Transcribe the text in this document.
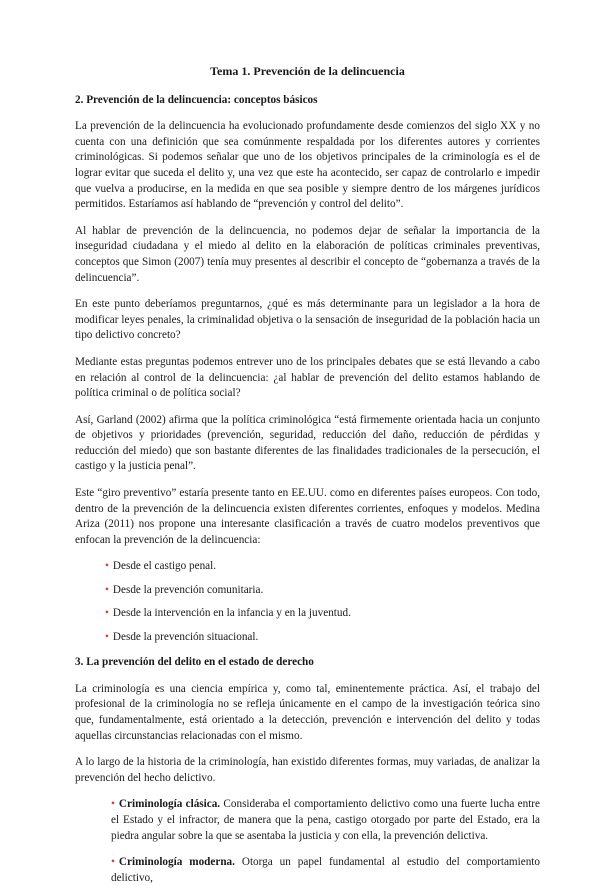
Tema 1. Prevención de la delincuencia
2. Prevención de la delincuencia: conceptos básicos

La prevención de la delincuencia ha evolucionado profundamente desde comienzos del siglo XX y no cuenta con una definición que sea comúnmente respaldada por los diferentes autores y corrientes criminológicas. Si podemos señalar que uno de los objetivos principales de la criminología es el de lograr evitar que suceda el delito y, una vez que este ha acontecido, ser capaz de controlarlo e impedir que vuelva a producirse, en la medida en que sea posible y siempre dentro de los márgenes jurídicos permitidos. Estaríamos así hablando de “prevención y control del delito”.

Al hablar de prevención de la delincuencia, no podemos dejar de señalar la importancia de la inseguridad ciudadana y el miedo al delito en la elaboración de políticas criminales preventivas, conceptos que Simon (2007) tenía muy presentes al describir el concepto de “gobernanza a través de la delincuencia”.

En este punto deberíamos preguntarnos, ¿qué es más determinante para un legislador a la hora de modificar leyes penales, la criminalidad objetiva o la sensación de inseguridad de la población hacia un tipo delictivo concreto?

Mediante estas preguntas podemos entrever uno de los principales debates que se está llevando a cabo en relación al control de la delincuencia: ¿al hablar de prevención del delito estamos hablando de política criminal o de política social?

Así, Garland (2002) afirma que la política criminológica “está firmemente orientada hacia un conjunto de objetivos y prioridades (prevención, seguridad, reducción del daño, reducción de pérdidas y reducción del miedo) que son bastante diferentes de las finalidades tradicionales de la persecución, el castigo y la justicia penal”.

Este “giro preventivo” estaría presente tanto en EE.UU. como en diferentes países europeos. Con todo, dentro de la prevención de la delincuencia existen diferentes corrientes, enfoques y modelos. Medina Ariza (2011) nos propone una interesante clasificación a través de cuatro modelos preventivos que enfocan la prevención de la delincuencia:

• Desde el castigo penal.
• Desde la prevención comunitaria.
• Desde la intervención en la infancia y en la juventud.
• Desde la prevención situacional.
3. La prevención del delito en el estado de derecho

La criminología es una ciencia empírica y, como tal, eminentemente práctica. Así, el trabajo del profesional de la criminología no se refleja únicamente en el campo de la investigación teórica sino que, fundamentalmente, está orientado a la detección, prevención e intervención del delito y todas aquellas circunstancias relacionadas con el mismo.

A lo largo de la historia de la criminología, han existido diferentes formas, muy variadas, de analizar la prevención del hecho delictivo.

• Criminología clásica. Consideraba el comportamiento delictivo como una fuerte lucha entre el Estado y el infractor, de manera que la pena, castigo otorgado por parte del Estado, era la piedra angular sobre la que se asentaba la justicia y con ella, la prevención delictiva.
• Criminología moderna. Otorga un papel fundamental al estudio del comportamiento delictivo,
